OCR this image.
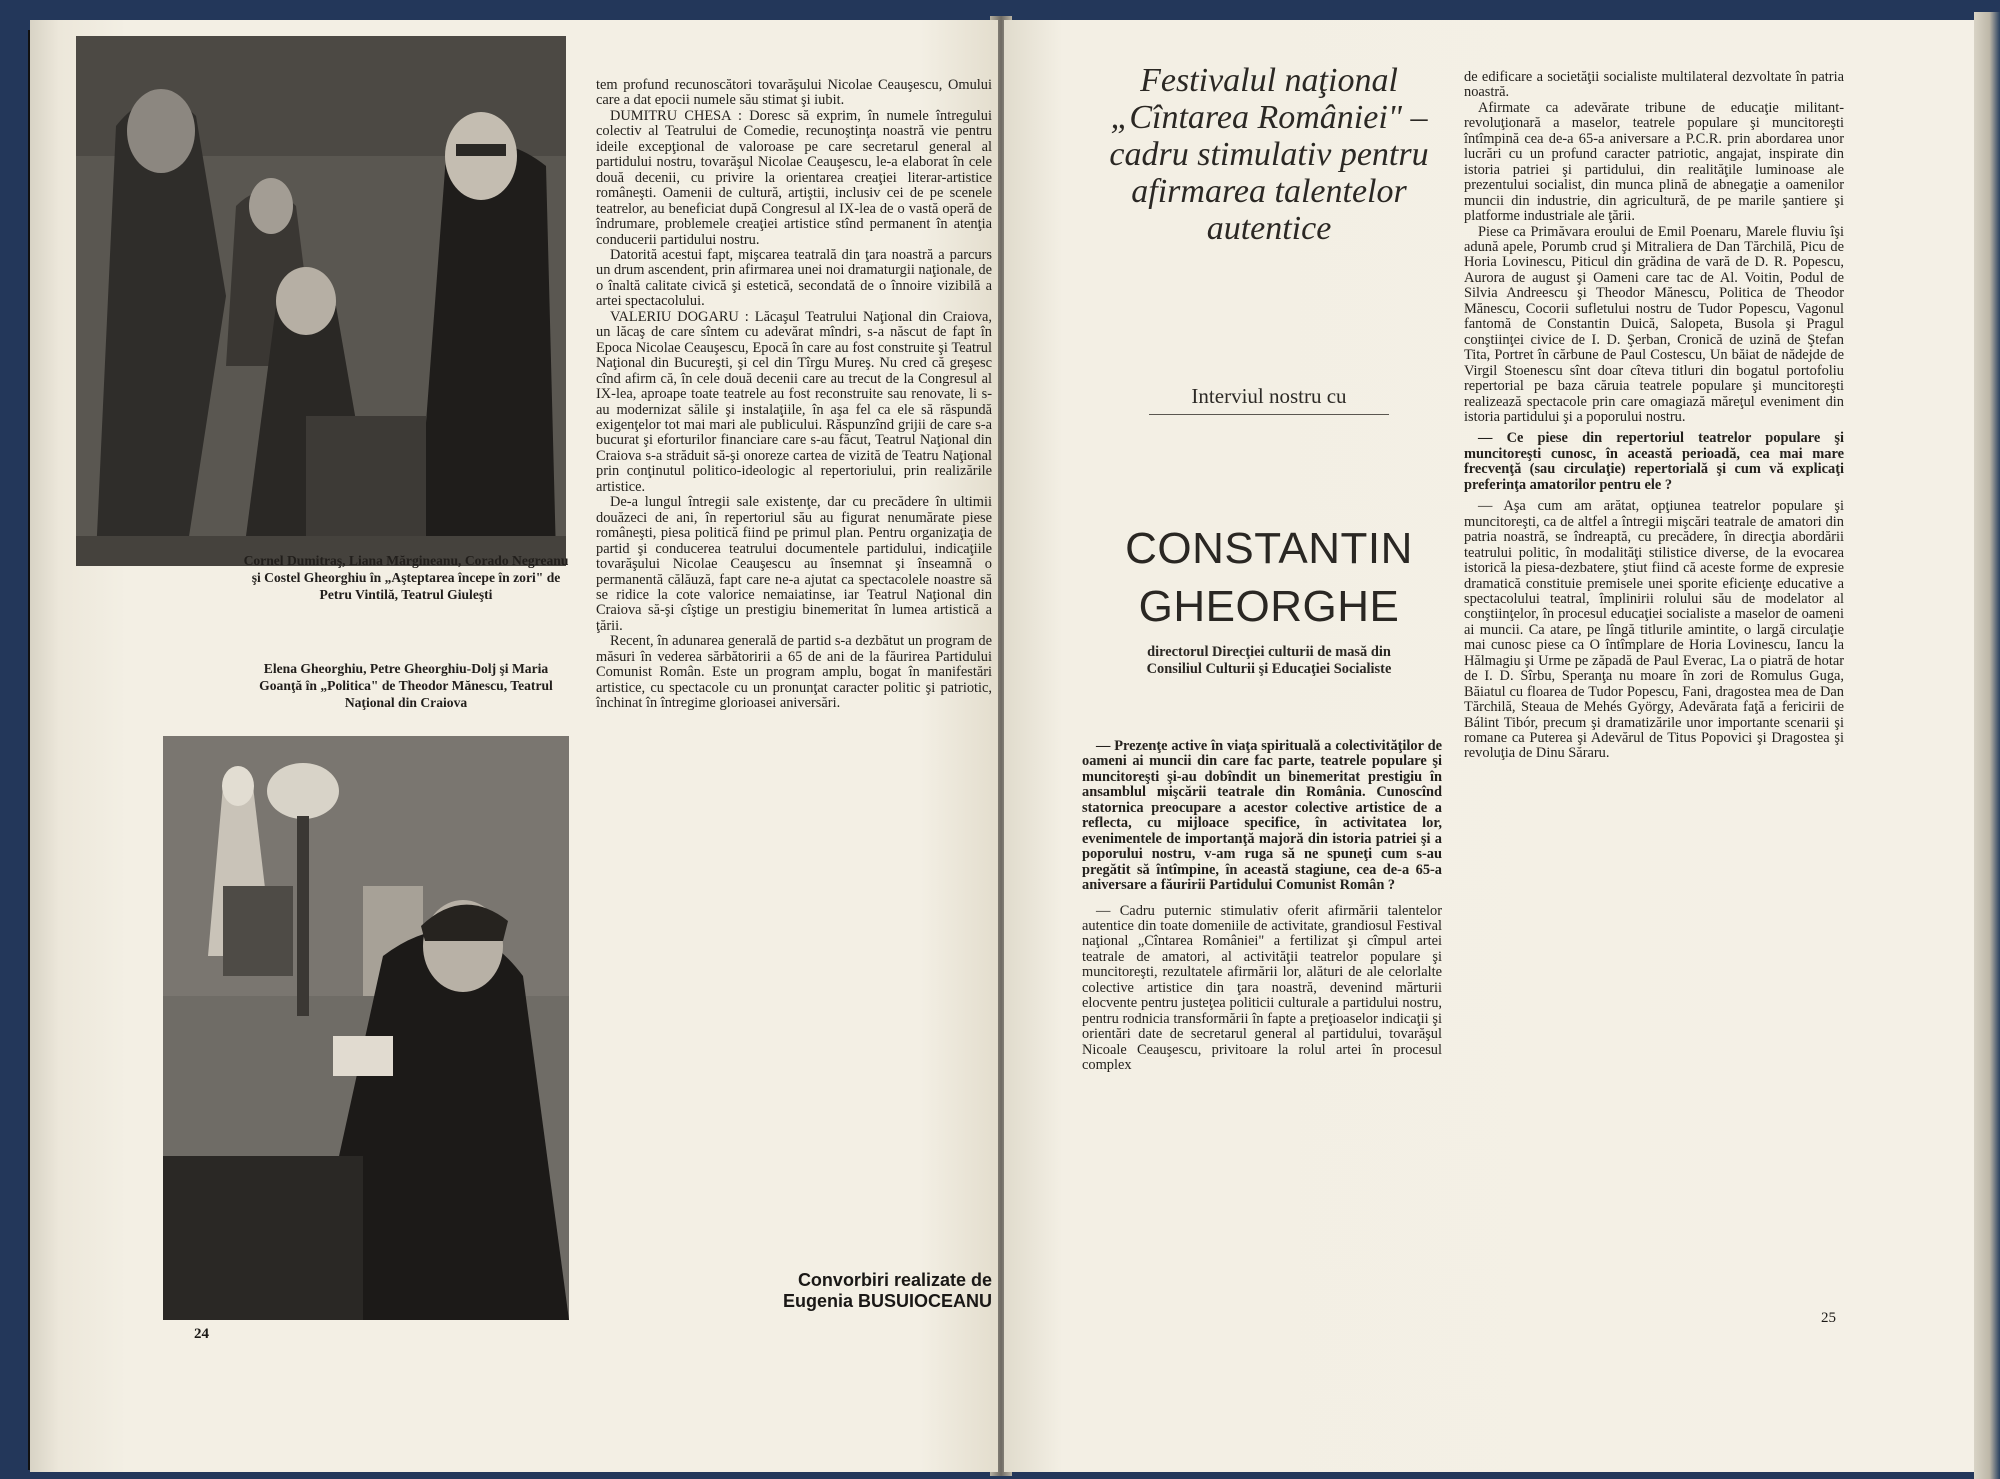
Cornel Dumitraş, Liana Mărgineanu, Corado Negreanu şi Costel Gheorghiu în „Aşteptarea începe în zori" de Petru Vintilă, Teatrul Giuleşti
Elena Gheorghiu, Petre Gheorghiu-Dolj şi Maria Goanţă în „Politica" de Theodor Mănescu, Teatrul Naţional din Craiova

tem profund recunoscători tovarăşului Nicolae Ceauşescu, Omului care a dat epocii numele său stimat şi iubit.

DUMITRU CHESA : Doresc să exprim, în numele întregului colectiv al Teatrului de Comedie, recunoştinţa noastră vie pentru ideile excepţional de valoroase pe care secretarul general al partidului nostru, tovarăşul Nicolae Ceauşescu, le-a elaborat în cele două decenii, cu privire la orientarea creaţiei literar-artistice româneşti. Oamenii de cultură, artiştii, inclusiv cei de pe scenele teatrelor, au beneficiat după Congresul al IX-lea de o vastă operă de îndrumare, problemele creaţiei artistice stînd permanent în atenţia conducerii partidului nostru.

Datorită acestui fapt, mişcarea teatrală din ţara noastră a parcurs un drum ascendent, prin afirmarea unei noi dramaturgii naţionale, de o înaltă calitate civică şi estetică, secondată de o înnoire vizibilă a artei spectacolului.

VALERIU DOGARU : Lăcaşul Teatrului Naţional din Craiova, un lăcaş de care sîntem cu adevărat mîndri, s-a născut de fapt în Epoca Nicolae Ceauşescu, Epocă în care au fost construite şi Teatrul Naţional din Bucureşti, şi cel din Tîrgu Mureş. Nu cred că greşesc cînd afirm că, în cele două decenii care au trecut de la Congresul al IX-lea, aproape toate teatrele au fost reconstruite sau renovate, li s-au modernizat sălile şi instalaţiile, în aşa fel ca ele să răspundă exigenţelor tot mai mari ale publicului. Răspunzînd grijii de care s-a bucurat şi eforturilor financiare care s-au făcut, Teatrul Naţional din Craiova s-a străduit să-şi onoreze cartea de vizită de Teatru Naţional prin conţinutul politico-ideologic al repertoriului, prin realizările artistice.

De-a lungul întregii sale existenţe, dar cu precădere în ultimii douăzeci de ani, în repertoriul său au figurat nenumărate piese româneşti, piesa politică fiind pe primul plan. Pentru organizaţia de partid şi conducerea teatrului documentele partidului, indicaţiile tovarăşului Nicolae Ceauşescu au însemnat şi înseamnă o permanentă călăuză, fapt care ne-a ajutat ca spectacolele noastre să se ridice la cote valorice nemaiatinse, iar Teatrul Naţional din Craiova să-şi cîştige un prestigiu binemeritat în lumea artistică a ţării.

Recent, în adunarea generală de partid s-a dezbătut un program de măsuri în vederea sărbătoririi a 65 de ani de la făurirea Partidului Comunist Român. Este un program amplu, bogat în manifestări artistice, cu spectacole cu un pronunţat caracter politic şi patriotic, închinat în întregime glorioasei aniversări.

Convorbiri realizate de
Eugenia BUSUIOCEANU
24
Festivalul naţional „Cîntarea României" – cadru stimulativ pentru afirmarea talentelor autentice
Interviul nostru cu
CONSTANTIN
GHEORGHE
directorul Direcţiei culturii de masă din Consiliul Culturii şi Educaţiei Socialiste

— Prezenţe active în viaţa spirituală a colectivităţilor de oameni ai muncii din care fac parte, teatrele populare şi muncitoreşti şi-au dobîndit un binemeritat prestigiu în ansamblul mişcării teatrale din România. Cunoscînd statornica preocupare a acestor colective artistice de a reflecta, cu mijloace specifice, în activitatea lor, evenimentele de importanţă majoră din istoria patriei şi a poporului nostru, v-am ruga să ne spuneţi cum s-au pregătit să întîmpine, în această stagiune, cea de-a 65-a aniversare a făuririi Partidului Comunist Român ?

— Cadru puternic stimulativ oferit afirmării talentelor autentice din toate domeniile de activitate, grandiosul Festival naţional „Cîntarea României" a fertilizat şi cîmpul artei teatrale de amatori, al activităţii teatrelor populare şi muncitoreşti, rezultatele afirmării lor, alături de ale celorlalte colective artistice din ţara noastră, devenind mărturii elocvente pentru justeţea politicii culturale a partidului nostru, pentru rodnicia transformării în fapte a preţioaselor indicaţii şi orientări date de secretarul general al partidului, tovarăşul Nicoale Ceauşescu, privitoare la rolul artei în procesul complex

de edificare a societăţii socialiste multilateral dezvoltate în patria noastră.

Afirmate ca adevărate tribune de educaţie militant-revoluţionară a maselor, teatrele populare şi muncitoreşti întîmpină cea de-a 65-a aniversare a P.C.R. prin abordarea unor lucrări cu un profund caracter patriotic, angajat, inspirate din istoria patriei şi partidului, din realităţile luminoase ale prezentului socialist, din munca plină de abnegaţie a oamenilor muncii din industrie, din agricultură, de pe marile şantiere şi platforme industriale ale ţării.

Piese ca Primăvara eroului de Emil Poenaru, Marele fluviu îşi adună apele, Porumb crud şi Mitraliera de Dan Tărchilă, Picu de Horia Lovinescu, Piticul din grădina de vară de D. R. Popescu, Aurora de august şi Oameni care tac de Al. Voitin, Podul de Silvia Andreescu şi Theodor Mănescu, Politica de Theodor Mănescu, Cocorii sufletului nostru de Tudor Popescu, Vagonul fantomă de Constantin Duică, Salopeta, Busola şi Pragul conştiinţei civice de I. D. Şerban, Cronică de uzină de Ştefan Tita, Portret în cărbune de Paul Costescu, Un băiat de nădejde de Virgil Stoenescu sînt doar cîteva titluri din bogatul portofoliu repertorial pe baza căruia teatrele populare şi muncitoreşti realizează spectacole prin care omagiază măreţul eveniment din istoria partidului şi a poporului nostru.

— Ce piese din repertoriul teatrelor populare şi muncitoreşti cunosc, în această perioadă, cea mai mare frecvenţă (sau circulaţie) repertorială şi cum vă explicaţi preferinţa amatorilor pentru ele ?

— Aşa cum am arătat, opţiunea teatrelor populare şi muncitoreşti, ca de altfel a întregii mişcări teatrale de amatori din patria noastră, se îndreaptă, cu precădere, în direcţia abordării teatrului politic, în modalităţi stilistice diverse, de la evocarea istorică la piesa-dezbatere, ştiut fiind că aceste forme de expresie dramatică constituie premisele unei sporite eficienţe educative a spectacolului teatral, împlinirii rolului său de modelator al conştiinţelor, în procesul educaţiei socialiste a maselor de oameni ai muncii. Ca atare, pe lîngă titlurile amintite, o largă circulaţie mai cunosc piese ca O întîmplare de Horia Lovinescu, Iancu la Hălmagiu şi Urme pe zăpadă de Paul Everac, La o piatră de hotar de I. D. Sîrbu, Speranţa nu moare în zori de Romulus Guga, Băiatul cu floarea de Tudor Popescu, Fani, dragostea mea de Dan Tărchilă, Steaua de Mehés György, Adevărata faţă a fericirii de Bálint Tibór, precum şi dramatizările unor importante scenarii şi romane ca Puterea şi Adevărul de Titus Popovici şi Dragostea şi revoluţia de Dinu Săraru.

25
